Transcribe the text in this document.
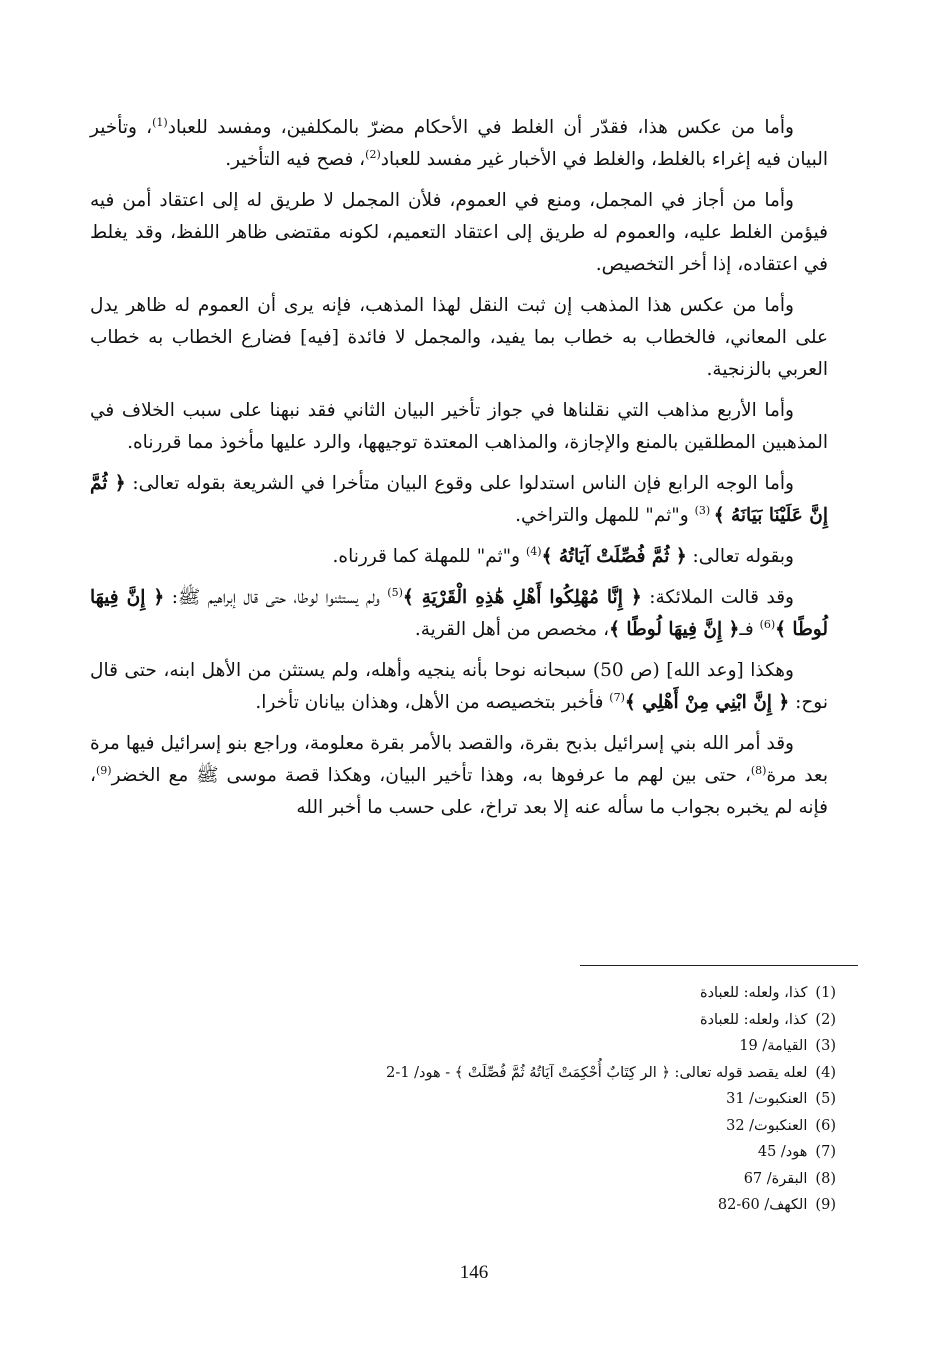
وأما من عكس هذا، فقدّر أن الغلط في الأحكام مضرّ بالمكلفين، ومفسد للعباد$^{(1)}$، وتأخير البيان فيه إغراء بالغلط، والغلط في الأخبار غير مفسد للعباد$^{(2)}$، فصح فيه التأخير.

وأما من أجاز في المجمل، ومنع في العموم، فلأن المجمل لا طريق له إلى اعتقاد أمن فيه فيؤمن الغلط عليه، والعموم له طريق إلى اعتقاد التعميم، لكونه مقتضى ظاهر اللفظ، وقد يغلط في اعتقاده، إذا أخر التخصيص.

وأما من عكس هذا المذهب إن ثبت النقل لهذا المذهب، فإنه يرى أن العموم له ظاهر يدل على المعاني، فالخطاب به خطاب بما يفيد، والمجمل لا فائدة [فيه] فضارع الخطاب به خطاب العربي بالزنجية.

وأما الأربع مذاهب التي نقلناها في جواز تأخير البيان الثاني فقد نبهنا على سبب الخلاف في المذهبين المطلقين بالمنع والإجازة، والمذاهب المعتدة توجيهها، والرد عليها مأخوذ مما قررناه.

وأما الوجه الرابع فإن الناس استدلوا على وقوع البيان متأخرا في الشريعة بقوله تعالى: ﴿ ثُمَّ إِنَّ عَلَيْنَا بَيَانَهُ ﴾ $^{(3)}$ و"ثم" للمهل والتراخي.

وبقوله تعالى: ﴿ ثُمَّ فُصِّلَتْ آيَاتُهُ ﴾$^{(4)}$ و"ثم" للمهلة كما قررناه.

وقد قالت الملائكة: ﴿ إِنَّا مُهْلِكُوا أَهْلِ هَٰذِهِ الْقَرْيَةِ ﴾$^{(5)}$ ولم يستثنوا لوطا، حتى قال إبراهيم ﷺ: ﴿ إِنَّ فِيهَا لُوطًا ﴾$^{(6)}$ فـ﴿ إِنَّ فِيهَا لُوطًا ﴾، مخصص من أهل القرية.

وهكذا [وعد الله] (ص 50) سبحانه نوحا بأنه ينجيه وأهله، ولم يستثن من الأهل ابنه، حتى قال نوح: ﴿ إِنَّ ابْنِي مِنْ أَهْلِي ﴾$^{(7)}$ فأخبر بتخصيصه من الأهل، وهذان بيانان تأخرا.

وقد أمر الله بني إسرائيل بذبح بقرة، والقصد بالأمر بقرة معلومة، وراجع بنو إسرائيل فيها مرة بعد مرة$^{(8)}$، حتى بين لهم ما عرفوها به، وهذا تأخير البيان، وهكذا قصة موسى ﷺ مع الخضر$^{(9)}$، فإنه لم يخبره بجواب ما سأله عنه إلا بعد تراخ، على حسب ما أخبر الله

(1) كذا، ولعله: للعبادة
(2) كذا، ولعله: للعبادة
(3) القيامة/ 19
(4) لعله يقصد قوله تعالى: ﴿ الر كِتَابٌ أُحْكِمَتْ آيَاتُهُ ثُمَّ فُصِّلَتْ ﴾ - هود/ 1-2
(5) العنكبوت/ 31
(6) العنكبوت/ 32
(7) هود/ 45
(8) البقرة/ 67
(9) الكهف/ 60-82
146
